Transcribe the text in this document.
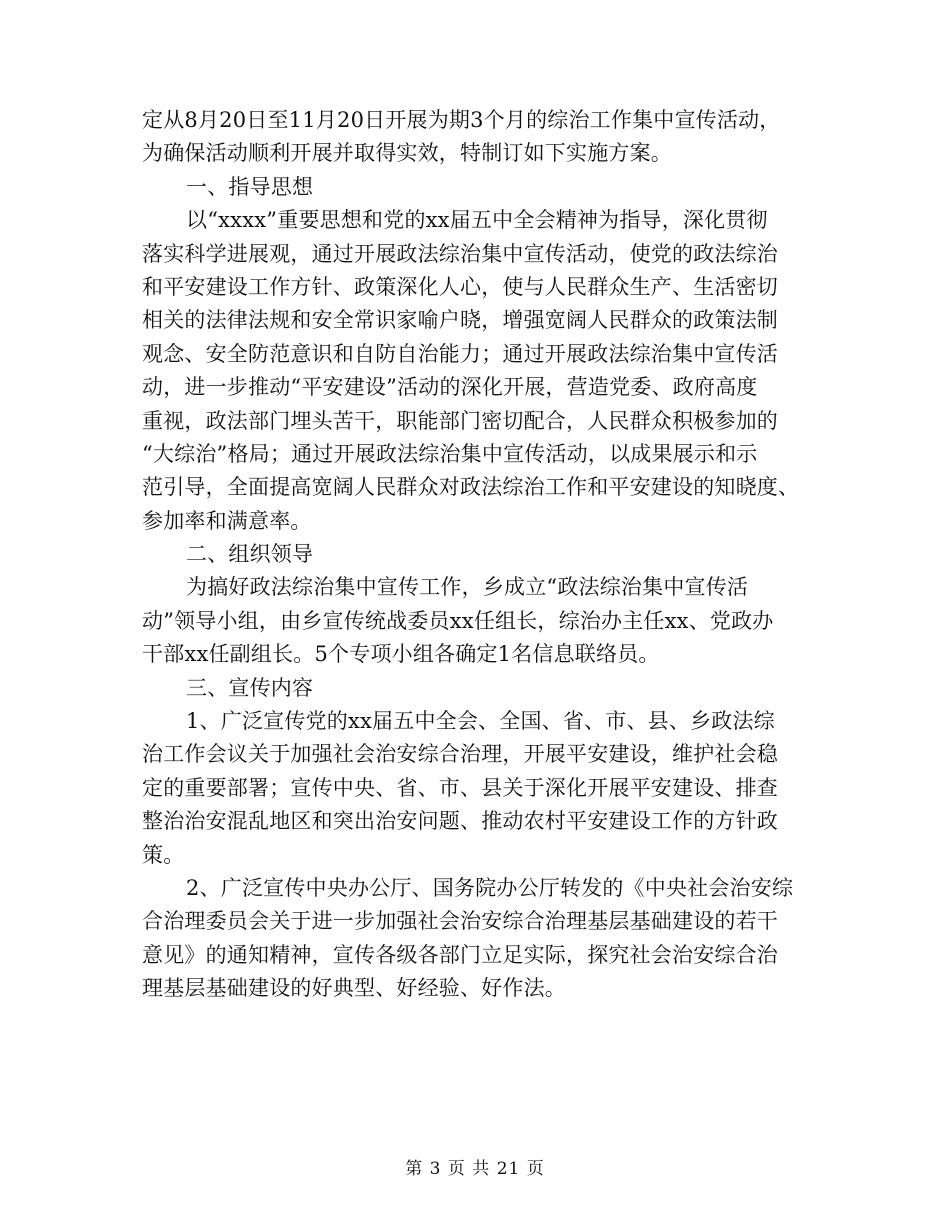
定从8月20日至11月20日开展为期3个月的综治工作集中宣传活动，
为确保活动顺利开展并取得实效，特制订如下实施方案。
一、指导思想
以“xxxx”重要思想和党的xx届五中全会精神为指导，深化贯彻
落实科学进展观，通过开展政法综治集中宣传活动，使党的政法综治
和平安建设工作方针、政策深化人心，使与人民群众生产、生活密切
相关的法律法规和安全常识家喻户晓，增强宽阔人民群众的政策法制
观念、安全防范意识和自防自治能力；通过开展政法综治集中宣传活
动，进一步推动“平安建设”活动的深化开展，营造党委、政府高度
重视，政法部门埋头苦干，职能部门密切配合，人民群众积极参加的
“大综治”格局；通过开展政法综治集中宣传活动，以成果展示和示
范引导，全面提高宽阔人民群众对政法综治工作和平安建设的知晓度、
参加率和满意率。
二、组织领导
为搞好政法综治集中宣传工作，乡成立“政法综治集中宣传活
动”领导小组，由乡宣传统战委员xx任组长，综治办主任xx、党政办
干部xx任副组长。5个专项小组各确定1名信息联络员。
三、宣传内容
1、广泛宣传党的xx届五中全会、全国、省、市、县、乡政法综
治工作会议关于加强社会治安综合治理，开展平安建设，维护社会稳
定的重要部署；宣传中央、省、市、县关于深化开展平安建设、排查
整治治安混乱地区和突出治安问题、推动农村平安建设工作的方针政
策。
2、广泛宣传中央办公厅、国务院办公厅转发的《中央社会治安综
合治理委员会关于进一步加强社会治安综合治理基层基础建设的若干
意见》的通知精神，宣传各级各部门立足实际，探究社会治安综合治
理基层基础建设的好典型、好经验、好作法。
第 3 页 共 21 页
